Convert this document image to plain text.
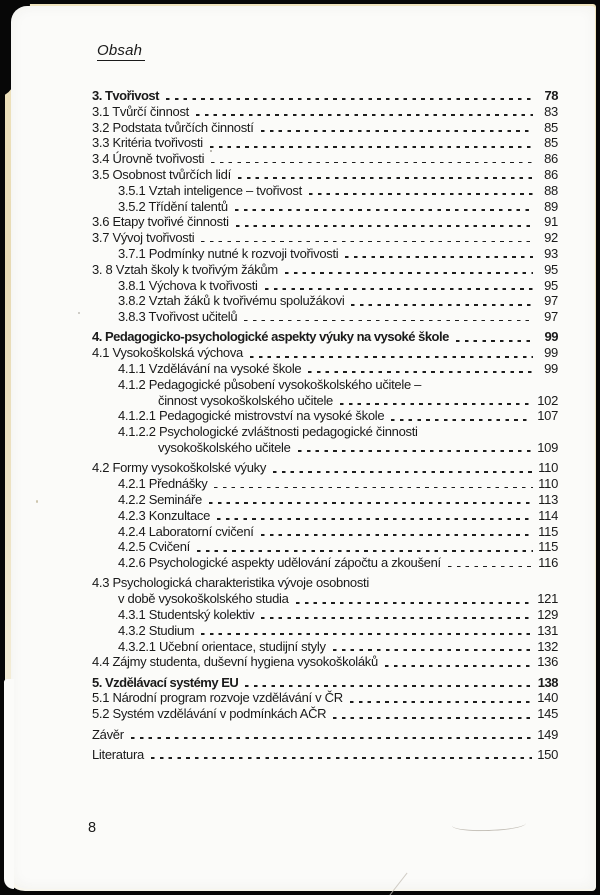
Obsah
3. Tvořivost	78
3.1 Tvůrčí činnost	83
3.2 Podstata tvůrčích činností	85
3.3 Kritéria tvořivosti	85
3.4 Úrovně tvořivosti	86
3.5 Osobnost tvůrčích lidí	86
3.5.1 Vztah inteligence – tvořivost	88
3.5.2 Třídění talentů	89
3.6 Etapy tvořivé činnosti	91
3.7 Vývoj tvořivosti	92
3.7.1 Podmínky nutné k rozvoji tvořivosti	93
3. 8 Vztah školy k tvořivým žákům	95
3.8.1 Výchova k tvořivosti	95
3.8.2 Vztah žáků k tvořivému spolužákovi	97
3.8.3 Tvořivost učitelů	97
4. Pedagogicko-psychologické aspekty výuky na vysoké škole	99
4.1 Vysokoškolská výchova	99
4.1.1 Vzdělávání na vysoké škole	99
4.1.2 Pedagogické působení vysokoškolského učitele –
činnost vysokoškolského učitele	102
4.1.2.1 Pedagogické mistrovství na vysoké škole	107
4.1.2.2 Psychologické zvláštnosti pedagogické činnosti
vysokoškolského učitele	109
4.2 Formy vysokoškolské výuky	110
4.2.1 Přednášky	110
4.2.2 Semináře	113
4.2.3 Konzultace	114
4.2.4 Laboratorní cvičení	115
4.2.5 Cvičení	115
4.2.6 Psychologické aspekty udělování zápočtu a zkoušení	116
4.3 Psychologická charakteristika vývoje osobnosti
v době vysokoškolského studia	121
4.3.1 Studentský kolektiv	129
4.3.2 Studium	131
4.3.2.1 Učební orientace, studijní styly	132
4.4 Zájmy studenta, duševní hygiena vysokoškoláků	136
5. Vzdělávací systémy EU	138
5.1 Národní program rozvoje vzdělávání v ČR	140
5.2 Systém vzdělávání v podmínkách AČR	145
Závěr	149
Literatura	150
8
